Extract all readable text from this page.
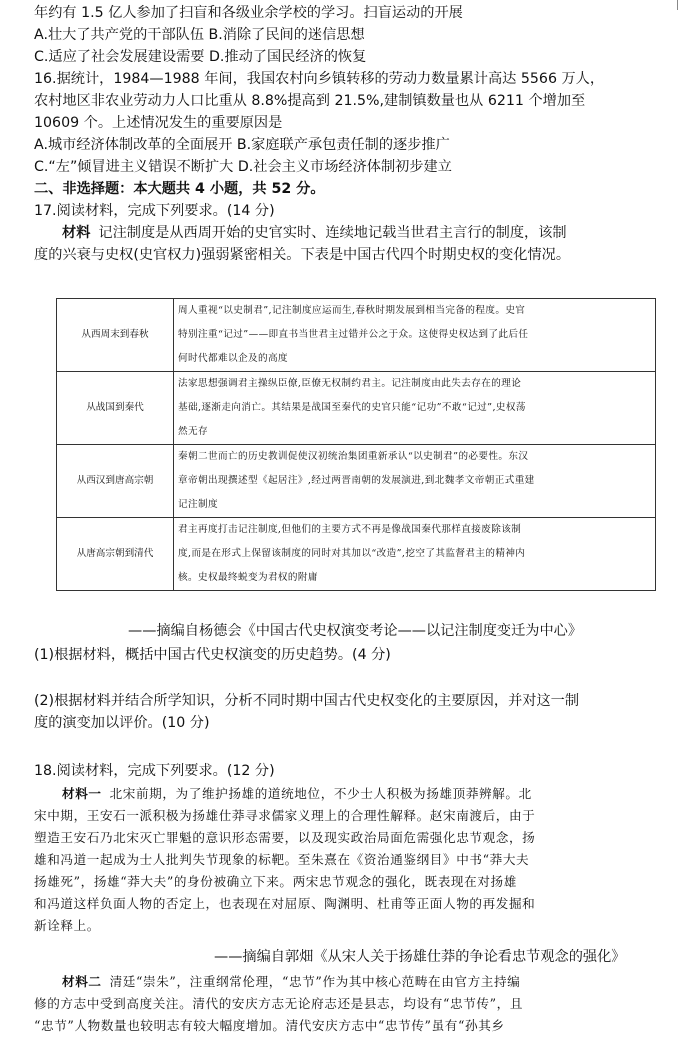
年约有 1.5 亿人参加了扫盲和各级业余学校的学习。扫盲运动的开展
A.壮大了共产党的干部队伍 B.消除了民间的迷信思想
C.适应了社会发展建设需要 D.推动了国民经济的恢复
16.据统计，1984—1988 年间，我国农村向乡镇转移的劳动力数量累计高达 5566 万人，
农村地区非农业劳动力人口比重从 8.8%提高到 21.5%,建制镇数量也从 6211 个增加至
10609 个。上述情况发生的重要原因是
A.城市经济体制改革的全面展开 B.家庭联产承包责任制的逐步推广
C.“左”倾冒进主义错误不断扩大 D.社会主义市场经济体制初步建立
二、非选择题：本大题共 4 小题，共 52 分。
17.阅读材料，完成下列要求。(14 分)
材料 记注制度是从西周开始的史官实时、连续地记载当世君主言行的制度，该制
度的兴衰与史权(史官权力)强弱紧密相关。下表是中国古代四个时期史权的变化情况。
从西周末到春秋	周人重视“以史制君”,记注制度应运而生,春秋时期发展到相当完备的程度。史官
特别注重“记过”——即直书当世君主过错并公之于众。这使得史权达到了此后任
何时代都难以企及的高度

从战国到秦代	法家思想强调君主操纵臣僚,臣僚无权制约君主。记注制度由此失去存在的理论
基础,逐渐走向消亡。其结果是战国至秦代的史官只能“记功”不敢“记过”,史权荡
然无存

从西汉到唐高宗朝	秦朝二世而亡的历史教训促使汉初统治集团重新承认“以史制君”的必要性。东汉
章帝朝出现撰述型《起居注》,经过两晋南朝的发展演进,到北魏孝文帝朝正式重建
记注制度

从唐高宗朝到清代	君主再度打击记注制度,但他们的主要方式不再是像战国秦代那样直接废除该制
度,而是在形式上保留该制度的同时对其加以“改造”,挖空了其监督君主的精神内
核。史权最终蜕变为君权的附庸
——摘编自杨德会《中国古代史权演变考论——以记注制度变迁为中心》
(1)根据材料，概括中国古代史权演变的历史趋势。(4 分)
(2)根据材料并结合所学知识，分析不同时期中国古代史权变化的主要原因，并对这一制
度的演变加以评价。(10 分)
18.阅读材料，完成下列要求。(12 分)
材料一 北宋前期，为了维护扬雄的道统地位，不少士人积极为扬雄顶莽辨解。北
宋中期，王安石一派积极为扬雄仕莽寻求儒家义理上的合理性解释。赵宋南渡后，由于
塑造王安石乃北宋灭亡罪魁的意识形态需要，以及现实政治局面危需强化忠节观念，扬
雄和冯道一起成为士人批判失节现象的标靶。至朱熹在《资治通鉴纲目》中书“莽大夫
扬雄死”，扬雄“莽大夫”的身份被确立下来。两宋忠节观念的强化，既表现在对扬雄
和冯道这样负面人物的否定上，也表现在对屈原、陶渊明、杜甫等正面人物的再发掘和
新诠释上。
——摘编自郭畑《从宋人关于扬雄仕莽的争论看忠节观念的强化》
材料二 清廷“崇朱”，注重纲常伦理，“忠节”作为其中核心范畴在由官方主持编
修的方志中受到高度关注。清代的安庆方志无论府志还是县志，均设有“忠节传”，且
“忠节”人物数量也较明志有较大幅度增加。清代安庆方志中“忠节传”虽有“孙其乡
